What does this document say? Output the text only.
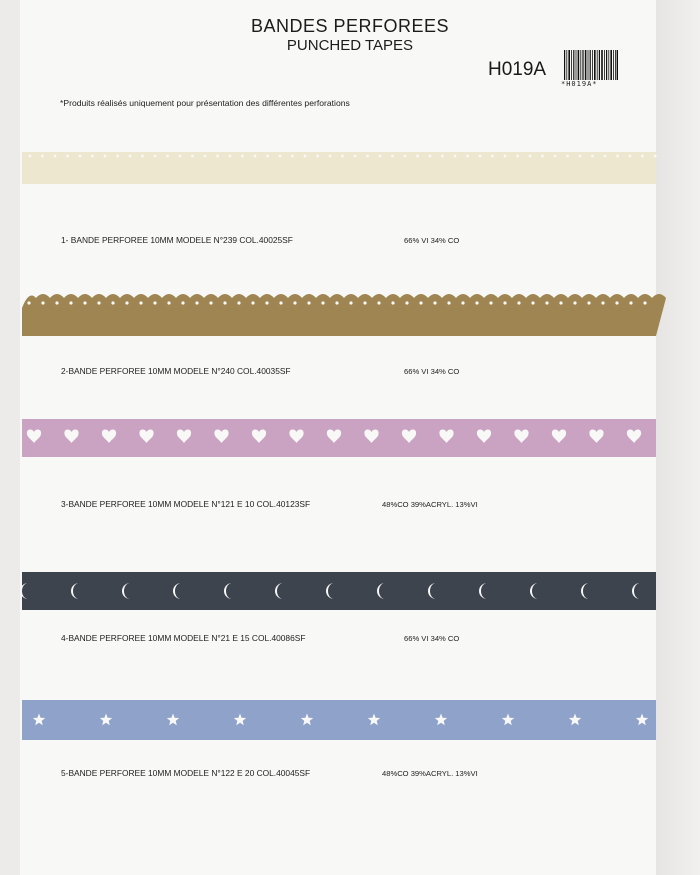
BANDES PERFOREES
PUNCHED TAPES
H019A
*H019A*
*Produits réalisés uniquement pour présentation des différentes perforations
1- BANDE PERFOREE 10MM MODELE N°239 COL.40025SF	66% VI 34% CO
2-BANDE PERFOREE 10MM MODELE N°240 COL.40035SF	66% VI 34% CO
3-BANDE PERFOREE 10MM MODELE N°121 E 10 COL.40123SF	48%CO 39%ACRYL. 13%VI
4-BANDE PERFOREE 10MM MODELE N°21 E 15 COL.40086SF	66% VI 34% CO
5-BANDE PERFOREE 10MM MODELE N°122 E 20 COL.40045SF	48%CO 39%ACRYL. 13%VI
